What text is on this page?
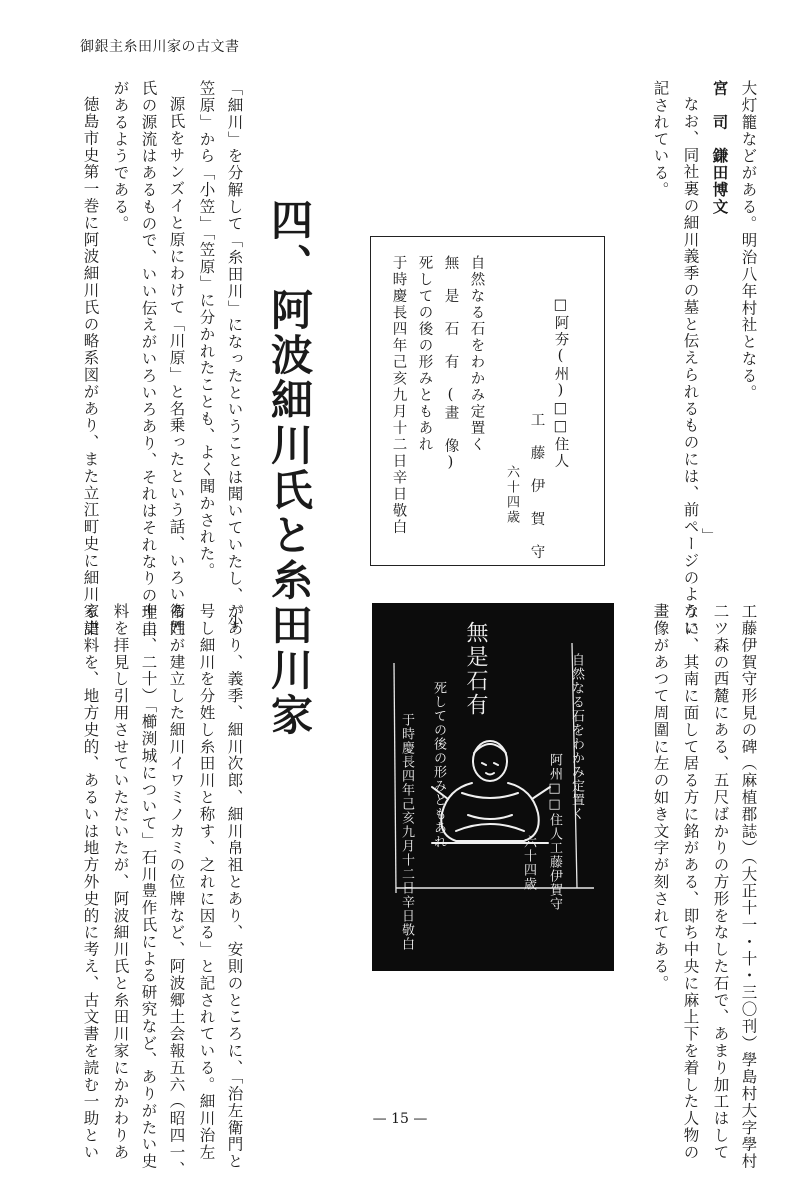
御銀主糸田川家の古文書
大灯籠などがある。明治八年村社となる。
宮　司　鎌田博文
なお、同社裏の細川義季の墓と伝えられるものには、前ページのように
記されている。
」
□阿夯(州)□□住人
工　藤　伊　賀　守
六十四歳
自然なる石をわかみ定置く
無　是　石　有　(畫　像)
死しての後の形みともあれ
于時慶長四年己亥九月十二日辛日敬白
四、阿波細川氏と糸田川家
「細川」を分解して「糸田川」になったということは聞いていたし、「小
笠原」から「小笠」「笠原」に分かれたことも、よく聞かされた。
源氏をサンズイと原にわけて「川原」と名乗ったという話、いろいろ姓
氏の源流はあるもので、いい伝えがいろいろあり、それはそれなりの理由
があるようである。
徳島市史第一巻に阿波細川氏の略系図があり、また立江町史に細川家譜
自然なる石をわかみ定置く
無是石有
死しての後の形みともあれ
于時慶長四年己亥九月十二日辛日敬白	阿州□□住人工藤伊賀守
六十四歳	工藤伊賀守形見の碑（麻植郡誌）（大正十一・十・三〇刊）學島村大字學村
二ツ森の西麓にある、五尺ばかりの方形をなした石で、あまり加工はして
ない、其南に面して居る方に銘がある、即ち中央に麻上下を着した人物の
畫像があつて周圍に左の如き文字が刻されてある。
があり、義季、細川次郎、細川帛祖とあり、安則のところに、「治左衛門と
号し細川を分姓し糸田川と称す、之れに因る」と記されている。細川治左
衛門が建立した細川イワミノカミの位牌など、阿波郷土会報五六（昭四一、
十二、二十）「櫛渕城について」石川豊作氏による研究など、ありがたい史
料を拝見し引用させていただいたが、阿波細川氏と糸田川家にかかわりあ
る史料を、地方史的、あるいは地方外史的に考え、古文書を読む一助とい	— 15 —
